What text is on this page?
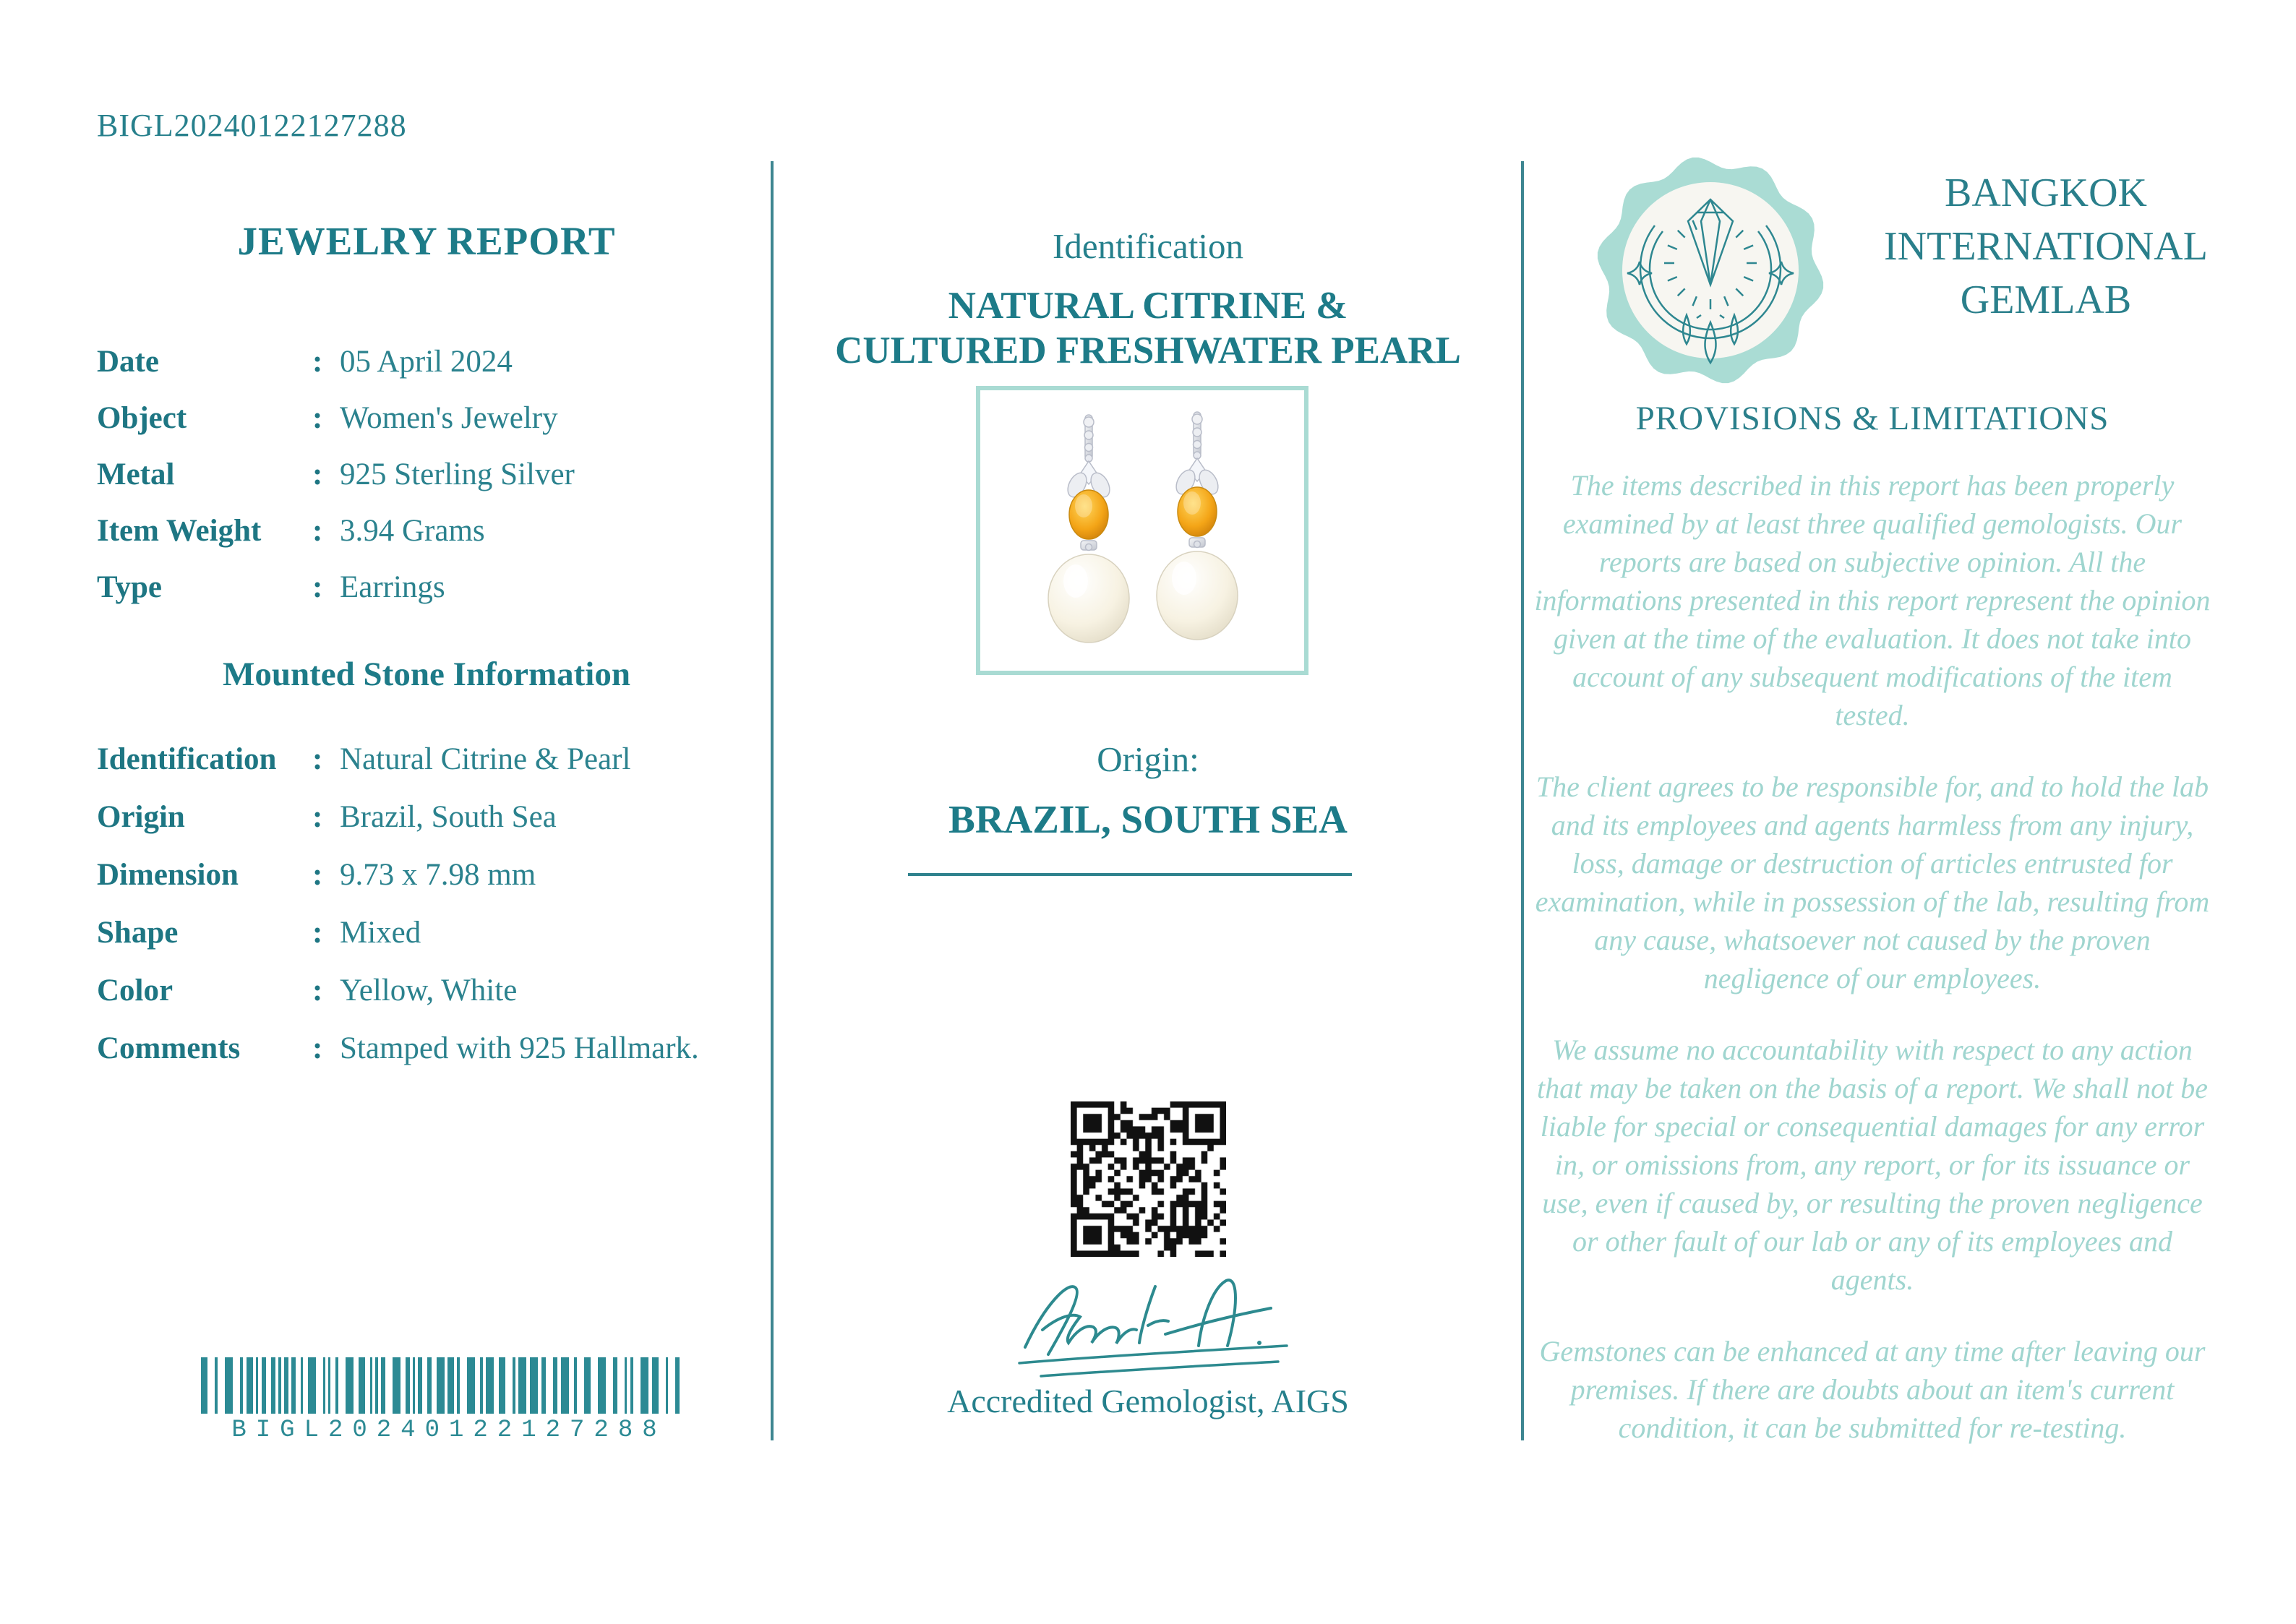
BIGL20240122127288
JEWELRY REPORT
Date :	05 April 2024
Object :	Women's Jewelry
Metal :	925 Sterling Silver
Item Weight :	3.94 Grams
Type :	Earrings
Mounted Stone Information
Identification :	Natural Citrine & Pearl
Origin :	Brazil, South Sea
Dimension :	9.73 x 7.98 mm
Shape :	Mixed
Color :	Yellow, White
Comments :	Stamped with 925 Hallmark.
BIGL20240122127288
Identification
NATURAL CITRINE &
CULTURED FRESHWATER PEARL
Origin:
BRAZIL, SOUTH SEA
Accredited Gemologist, AIGS
BANGKOK
INTERNATIONAL
GEMLAB
PROVISIONS & LIMITATIONS

The items described in this report has been properly examined by at least three qualified gemologists. Our reports are based on subjective opinion. All the informations presented in this report represent the opinion given at the time of the evaluation. It does not take into account of any subsequent modifications of the item tested.

The client agrees to be responsible for, and to hold the lab and its employees and agents harmless from any injury, loss, damage or destruction of articles entrusted for examination, while in possession of the lab, resulting from any cause, whatsoever not caused by the proven negligence of our employees.

We assume no accountability with respect to any action that may be taken on the basis of a report. We shall not be liable for special or consequential damages for any error in, or omissions from, any report, or for its issuance or use, even if caused by, or resulting the proven negligence or other fault of our lab or any of its employees and agents.

Gemstones can be enhanced at any time after leaving our premises. If there are doubts about an item's current condition, it can be submitted for re-testing.
